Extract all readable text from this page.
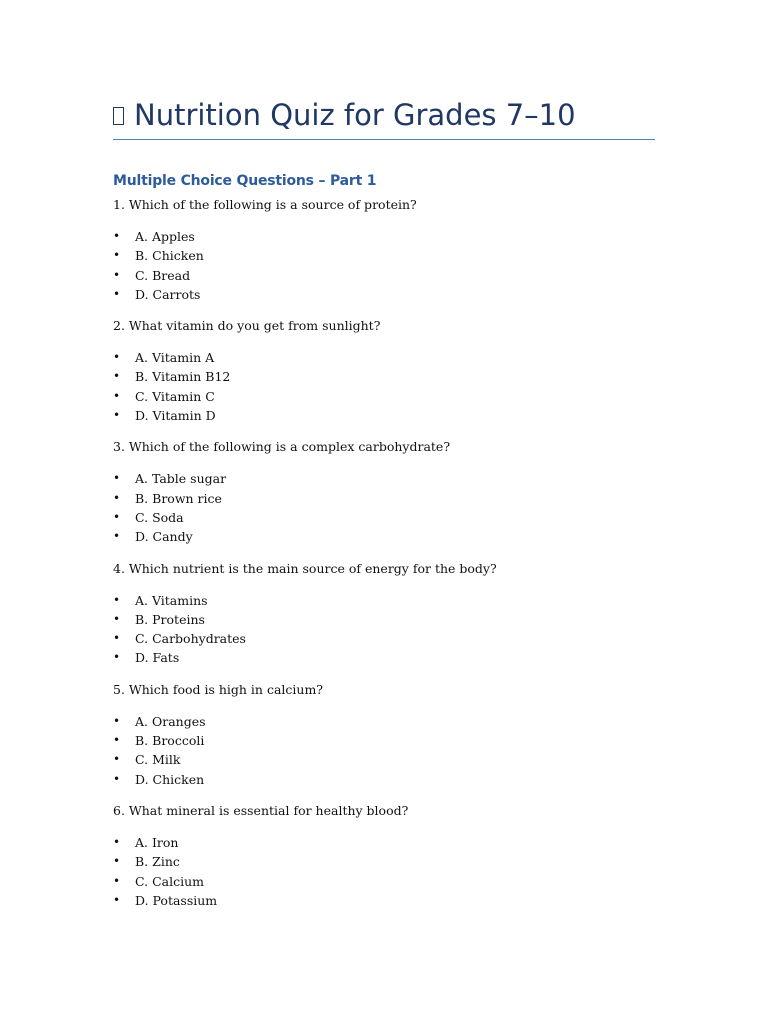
Nutrition Quiz for Grades 7–10
Multiple Choice Questions – Part 1
1. Which of the following is a source of protein?
• A. Apples
• B. Chicken
• C. Bread
• D. Carrots
2. What vitamin do you get from sunlight?
• A. Vitamin A
• B. Vitamin B12
• C. Vitamin C
• D. Vitamin D
3. Which of the following is a complex carbohydrate?
• A. Table sugar
• B. Brown rice
• C. Soda
• D. Candy
4. Which nutrient is the main source of energy for the body?
• A. Vitamins
• B. Proteins
• C. Carbohydrates
• D. Fats
5. Which food is high in calcium?
• A. Oranges
• B. Broccoli
• C. Milk
• D. Chicken
6. What mineral is essential for healthy blood?
• A. Iron
• B. Zinc
• C. Calcium
• D. Potassium
